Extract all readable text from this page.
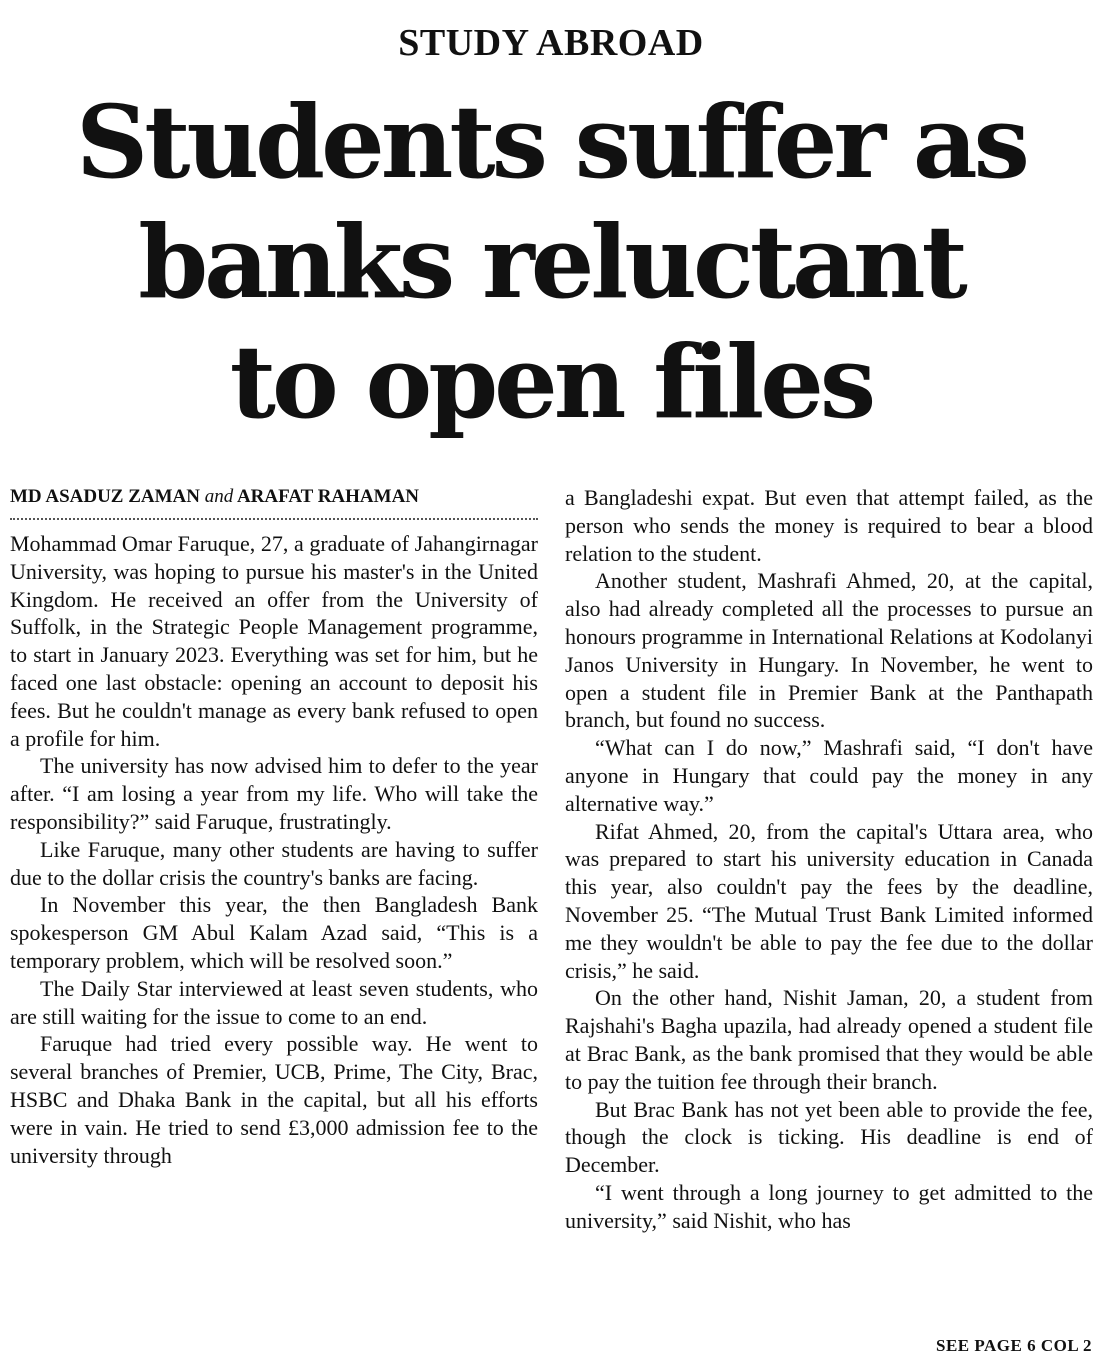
STUDY ABROAD
Students suffer as
banks reluctant
to open files
MD ASADUZ ZAMAN and ARAFAT RAHAMAN

Mohammad Omar Faruque, 27, a graduate of Jahangirnagar University, was hoping to pursue his master's in the United Kingdom. He received an offer from the University of Suffolk, in the Strategic People Management programme, to start in January 2023. Everything was set for him, but he faced one last obstacle: opening an account to deposit his fees. But he couldn't manage as every bank refused to open a profile for him.

The university has now advised him to defer to the year after. “I am losing a year from my life. Who will take the responsibility?” said Faruque, frustratingly.

Like Faruque, many other students are having to suffer due to the dollar crisis the country's banks are facing.

In November this year, the then Bangladesh Bank spokesperson GM Abul Kalam Azad said, “This is a temporary problem, which will be resolved soon.”

The Daily Star interviewed at least seven students, who are still waiting for the issue to come to an end.

Faruque had tried every possible way. He went to several branches of Premier, UCB, Prime, The City, Brac, HSBC and Dhaka Bank in the capital, but all his efforts were in vain. He tried to send £3,000 admission fee to the university through

a Bangladeshi expat. But even that attempt failed, as the person who sends the money is required to bear a blood relation to the student.

Another student, Mashrafi Ahmed, 20, at the capital, also had already completed all the processes to pursue an honours programme in International Relations at Kodolanyi Janos University in Hungary. In November, he went to open a student file in Premier Bank at the Panthapath branch, but found no success.

“What can I do now,” Mashrafi said, “I don't have anyone in Hungary that could pay the money in any alternative way.”

Rifat Ahmed, 20, from the capital's Uttara area, who was prepared to start his university education in Canada this year, also couldn't pay the fees by the deadline, November 25. “The Mutual Trust Bank Limited informed me they wouldn't be able to pay the fee due to the dollar crisis,” he said.

On the other hand, Nishit Jaman, 20, a student from Rajshahi's Bagha upazila, had already opened a student file at Brac Bank, as the bank promised that they would be able to pay the tuition fee through their branch.

But Brac Bank has not yet been able to provide the fee, though the clock is ticking. His deadline is end of December.

“I went through a long journey to get admitted to the university,” said Nishit, who has

SEE PAGE 6 COL 2
